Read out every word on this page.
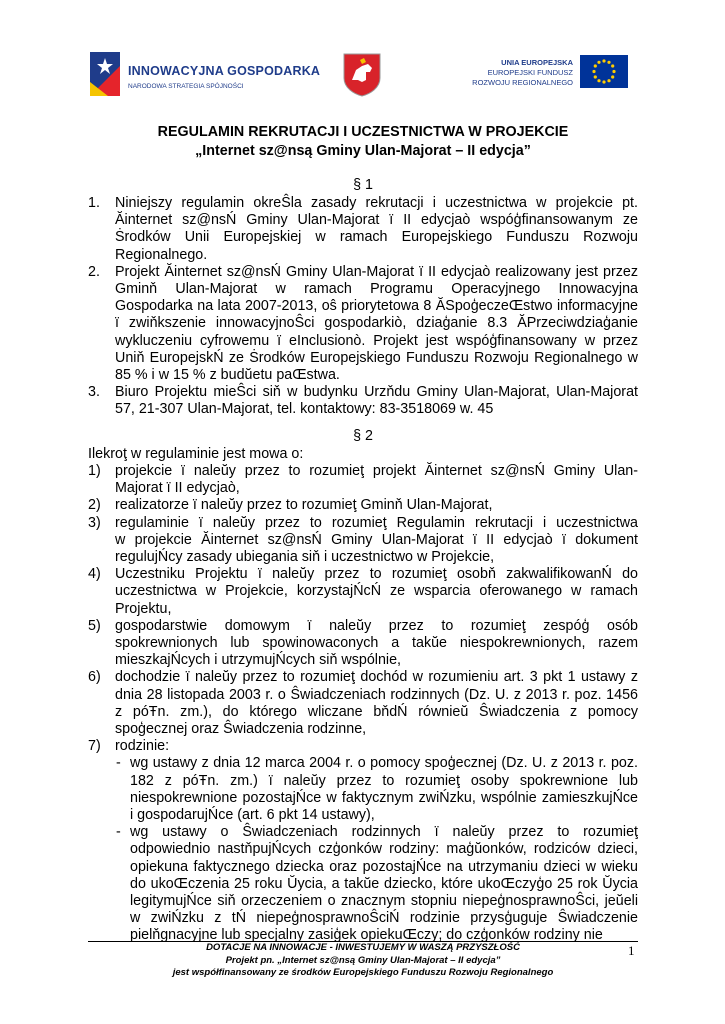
INNOWACYJNA GOSPODARKA
NARODOWA STRATEGIA SPÓJNOŚCI
UNIA EUROPEJSKA
EUROPEJSKI FUNDUSZ
ROZWOJU REGIONALNEGO
REGULAMIN REKRUTACJI I UCZESTNICTWA W PROJEKCIE
„Internet sz@nsą Gminy Ulan-Majorat – II edycja”
§ 1
1. Niniejszy regulamin okreŜla zasady rekrutacji i uczestnictwa w projekcie pt.
Ăinternet sz@nsŃ Gminy Ulan-Majorat ï II edycjaò wspóģfinansowanym ze
Ṡrodków Unii Europejskiej w ramach Europejskiego Funduszu Rozwoju
Regionalnego.
2. Projekt Ăinternet sz@nsŃ Gminy Ulan-Majorat ï II edycjaò realizowany jest przez
Gminň Ulan-Majorat w ramach Programu Operacyjnego Innowacyjna
Gospodarka na lata 2007-2013, oŝ priorytetowa 8 ĂSpoģeczeŒstwo informacyjne
ï zwiňkszenie innowacyjnoŜci gospodarkiò, dziaģanie 8.3 ĂPrzeciwdziaģanie
wykluczeniu cyfrowemu ï eInclusionò. Projekt jest wspóģfinansowany w przez
Uniň EuropejskŃ ze Ṡrodków Europejskiego Funduszu Rozwoju Regionalnego w
85 % i w 15 % z budŭetu paŒstwa.
3. Biuro Projektu mieŜci siň w budynku Urzňdu Gminy Ulan-Majorat, Ulan-Majorat
57, 21-307 Ulan-Majorat, tel. kontaktowy: 83-3518069 w. 45
§ 2
Ilekroţ w regulaminie jest mowa o:
1) projekcie ï naleŭy przez to rozumieţ projekt Ăinternet sz@nsŃ Gminy Ulan-
Majorat ï II edycjaò,
2) realizatorze ï naleŭy przez to rozumieţ Gminň Ulan-Majorat,
3) regulaminie ï naleŭy przez to rozumieţ Regulamin rekrutacji i uczestnictwa
w projekcie Ăinternet sz@nsŃ Gminy Ulan-Majorat ï II edycjaò ï dokument
regulujŃcy zasady ubiegania siň i uczestnictwo w Projekcie,
4) Uczestniku Projektu ï naleŭy przez to rozumieţ osobň zakwalifikowanŃ do
uczestnictwa w Projekcie, korzystajŃcŃ ze wsparcia oferowanego w ramach
Projektu,
5) gospodarstwie domowym ï naleŭy przez to rozumieţ zespóģ osób
spokrewnionych lub spowinowaconych a takŭe niespokrewnionych, razem
mieszkajŃcych i utrzymujŃcych siň wspólnie,
6) dochodzie ï naleŭy przez to rozumieţ dochód w rozumieniu art. 3 pkt 1 ustawy z
dnia 28 listopada 2003 r. o Ŝwiadczeniach rodzinnych (Dz. U. z 2013 r. poz. 1456
z póŦn. zm.), do którego wliczane bňdŃ równieŭ Ŝwiadczenia z pomocy
spoģecznej oraz Ŝwiadczenia rodzinne,
7) rodzinie:
- wg ustawy z dnia 12 marca 2004 r. o pomocy spoģecznej (Dz. U. z 2013 r. poz.
182 z póŦn. zm.) ï naleŭy przez to rozumieţ osoby spokrewnione lub
niespokrewnione pozostajŃce w faktycznym zwiŃzku, wspólnie zamieszkujŃce
i gospodarujŃce (art. 6 pkt 14 ustawy),
- wg ustawy o Ŝwiadczeniach rodzinnych ï naleŭy przez to rozumieţ
odpowiednio nastňpujŃcych czģonków rodziny: maģŭonków, rodziców dzieci,
opiekuna faktycznego dziecka oraz pozostajŃce na utrzymaniu dzieci w wieku
do ukoŒczenia 25 roku Ŭycia, a takŭe dziecko, które ukoŒczyģo 25 rok Ŭycia
legitymujŃce siň orzeczeniem o znacznym stopniu niepeģnosprawnoŜci, jeŭeli
w zwiŃzku z tŃ niepeģnosprawnoŜciŃ rodzinie przysģuguje Ŝwiadczenie
pielňgnacyjne lub specjalny zasiģek opiekuŒczy; do czģonków rodziny nie
DOTACJE NA INNOWACJE - INWESTUJEMY W WASZĄ PRZYSZŁOŚĆ
Projekt pn. „Internet sz@nsą Gminy Ulan-Majorat – II edycja”
jest współfinansowany ze środków Europejskiego Funduszu Rozwoju Regionalnego
1
